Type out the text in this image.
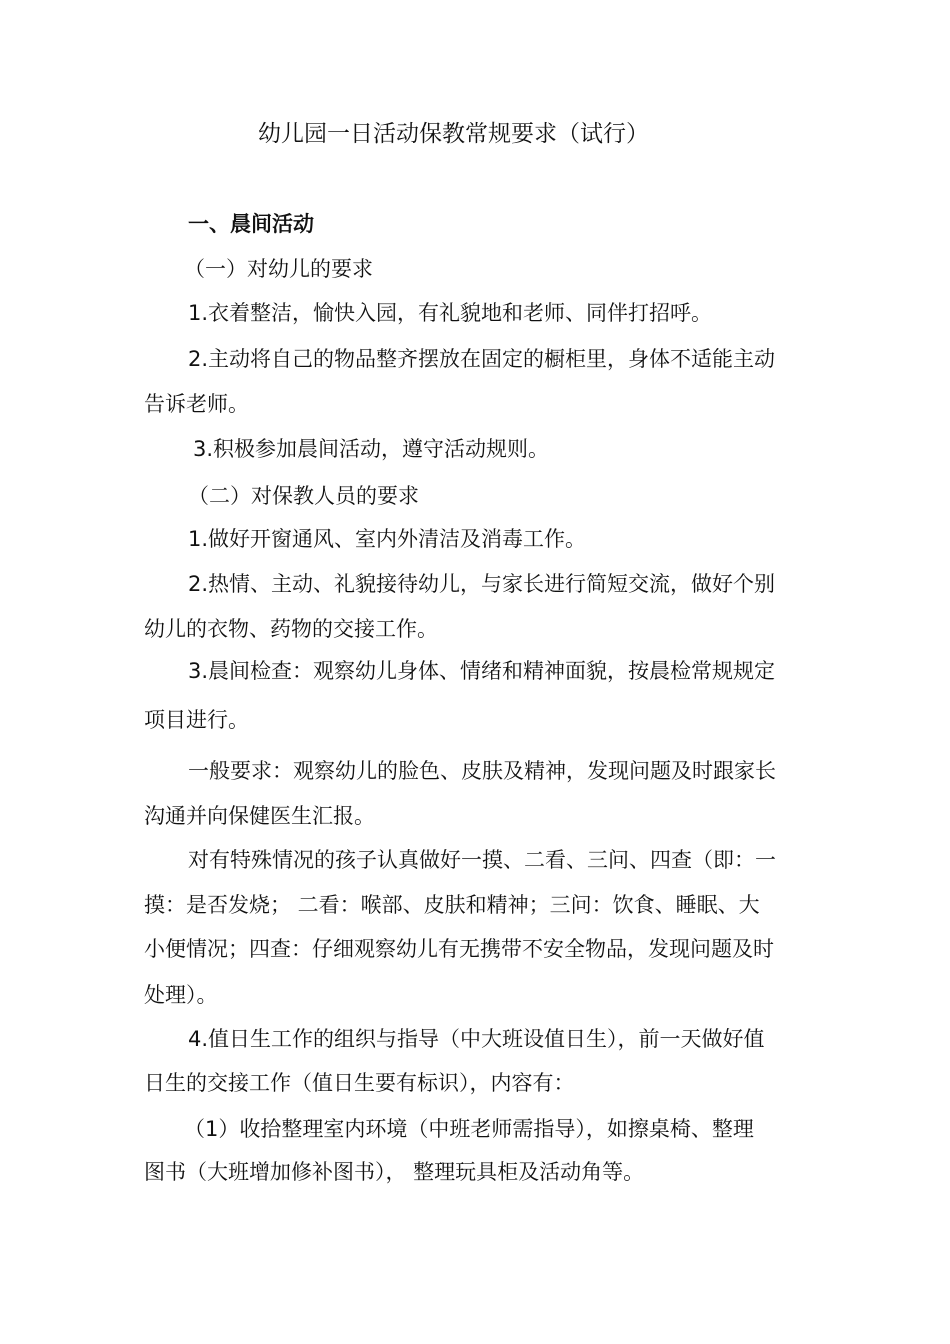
幼儿园一日活动保教常规要求（试行）

一、晨间活动

（一）对幼儿的要求

1.衣着整洁，愉快入园，有礼貌地和老师、同伴打招呼。

2.主动将自己的物品整齐摆放在固定的橱柜里，身体不适能主动

告诉老师。

3.积极参加晨间活动，遵守活动规则。

（二）对保教人员的要求

1.做好开窗通风、室内外清洁及消毒工作。

2.热情、主动、礼貌接待幼儿，与家长进行简短交流，做好个别

幼儿的衣物、药物的交接工作。

3.晨间检查：观察幼儿身体、情绪和精神面貌，按晨检常规规定

项目进行。

一般要求：观察幼儿的脸色、皮肤及精神，发现问题及时跟家长

沟通并向保健医生汇报。

对有特殊情况的孩子认真做好一摸、二看、三问、四查（即：一

摸：是否发烧； 二看：喉部、皮肤和精神；三问：饮食、睡眠、大

小便情况；四查：仔细观察幼儿有无携带不安全物品，发现问题及时

处理）。

4.值日生工作的组织与指导（中大班设值日生），前一天做好值

日生的交接工作（值日生要有标识），内容有：

（1）收拾整理室内环境（中班老师需指导），如擦桌椅、整理

图书（大班增加修补图书）， 整理玩具柜及活动角等。
